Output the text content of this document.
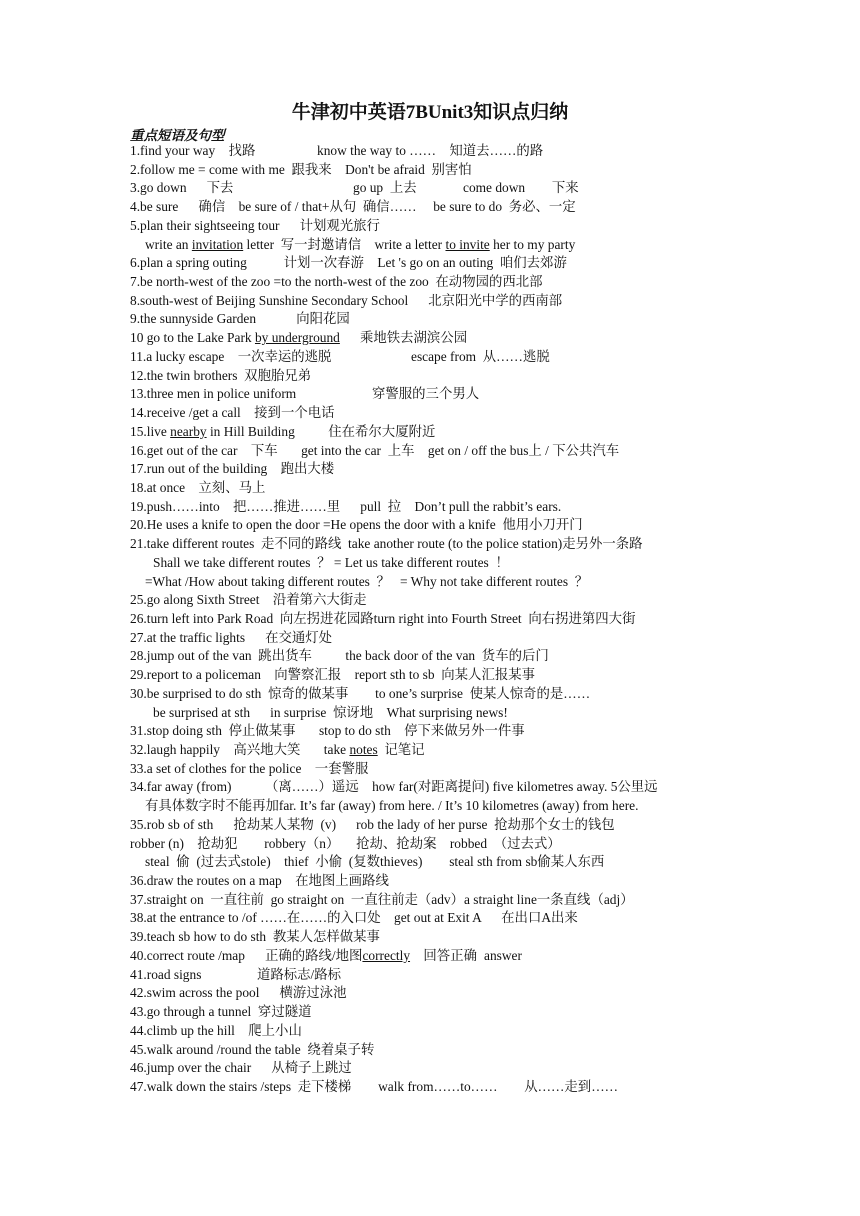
牛津初中英语7BUnit3知识点归纳
重点短语及句型
1.find your way    找路	know the way to ……    知道去……的路
2.follow me = come with me  跟我来    Don't be afraid  别害怕
3.go down      下去	go up  上去	come down        下来
4.be sure      确信    be sure of / that+从句  确信……     be sure to do  务必、一定
5.plan their sightseeing tour      计划观光旅行
write an invitation letter  写一封邀请信    write a letter to invite her to my party
6.plan a spring outing           计划一次春游    Let 's go on an outing  咱们去郊游
7.be north-west of the zoo =to the north-west of the zoo  在动物园的西北部
8.south-west of Beijing Sunshine Secondary School      北京阳光中学的西南部
9.the sunnyside Garden            向阳花园
10 go to the Lake Park by underground      乘地铁去湖滨公园
11.a lucky escape    一次幸运的逃脱	escape from  从……逃脱
12.the twin brothers  双胞胎兄弟
13.three men in police uniform	穿警服的三个男人
14.receive /get a call    接到一个电话
15.live nearby in Hill Building          住在希尔大厦附近
16.get out of the car    下车       get into the car  上车    get on / off the bus上 / 下公共汽车
17.run out of the building    跑出大楼
18.at once    立刻、马上
19.push……into    把……推进……里      pull  拉    Don’t pull the rabbit’s ears.
20.He uses a knife to open the door =He opens the door with a knife  他用小刀开门
21.take different routes  走不同的路线  take another route (to the police station)走另外一条路
Shall we take different routes  ？ = Let us take different routes  ！
=What /How about taking different routes  ？   = Why not take different routes  ？
25.go along Sixth Street    沿着第六大街走
26.turn left into Park Road  向左拐进花园路turn right into Fourth Street  向右拐进第四大街
27.at the traffic lights      在交通灯处
28.jump out of the van  跳出货车          the back door of the van  货车的后门
29.report to a policeman    向警察汇报    report sth to sb  向某人汇报某事
30.be surprised to do sth  惊奇的做某事        to one’s surprise  使某人惊奇的是……
be surprised at sth      in surprise  惊讶地    What surprising news!
31.stop doing sth  停止做某事       stop to do sth    停下来做另外一件事
32.laugh happily    高兴地大笑       take notes  记笔记
33.a set of clothes for the police    一套警服
34.far away (from)          （离……）遥远    how far(对距离提问) five kilometres away. 5公里远
有具体数字时不能再加far. It’s far (away) from here. / It’s 10 kilometres (away) from here.
35.rob sb of sth      抢劫某人某物  (v)      rob the lady of her purse  抢劫那个女士的钱包
robber (n)    抢劫犯        robbery（n）     抢劫、抢劫案    robbed  （过去式）
steal  偷  (过去式stole)    thief  小偷  (复数thieves)        steal sth from sb偷某人东西
36.draw the routes on a map    在地图上画路线
37.straight on  一直往前  go straight on  一直往前走（adv）a straight line一条直线（adj）
38.at the entrance to /of ……在……的入口处    get out at Exit A      在出口A出来
39.teach sb how to do sth  教某人怎样做某事
40.correct route /map      正确的路线/地图	answer
correctly    回答正确
41.road signs	道路标志/路标
42.swim across the pool      横游过泳池
43.go through a tunnel  穿过隧道
44.climb up the hill    爬上小山
45.walk around /round the table  绕着桌子转
46.jump over the chair      从椅子上跳过
47.walk down the stairs /steps  走下楼梯        walk from……to……        从……走到……
